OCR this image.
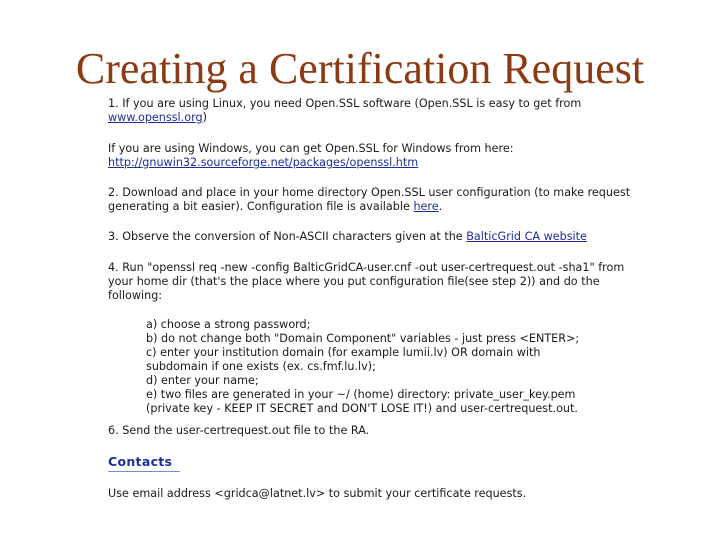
Creating a Certification Request

1. If you are using Linux, you need Open.SSL software (Open.SSL is easy to get from
www.openssl.org)

If you are using Windows, you can get Open.SSL for Windows from here:
http://gnuwin32.sourceforge.net/packages/openssl.htm

2. Download and place in your home directory Open.SSL user configuration (to make request
generating a bit easier). Configuration file is available here.

3. Observe the conversion of Non-ASCII characters given at the BalticGrid CA website

4. Run "openssl req -new -config BalticGridCA-user.cnf -out user-certrequest.out -sha1" from
your home dir (that's the place where you put configuration file(see step 2)) and do the
following:

a) choose a strong password;
b) do not change both "Domain Component" variables - just press <ENTER>;
c) enter your institution domain (for example lumii.lv) OR domain with
subdomain if one exists (ex. cs.fmf.lu.lv);
d) enter your name;
e) two files are generated in your ~/ (home) directory: private_user_key.pem
(private key - KEEP IT SECRET and DON'T LOSE IT!) and user-certrequest.out.

6. Send the user-certrequest.out file to the RA.

Contacts

Use email address <gridca@latnet.lv> to submit your certificate requests.
